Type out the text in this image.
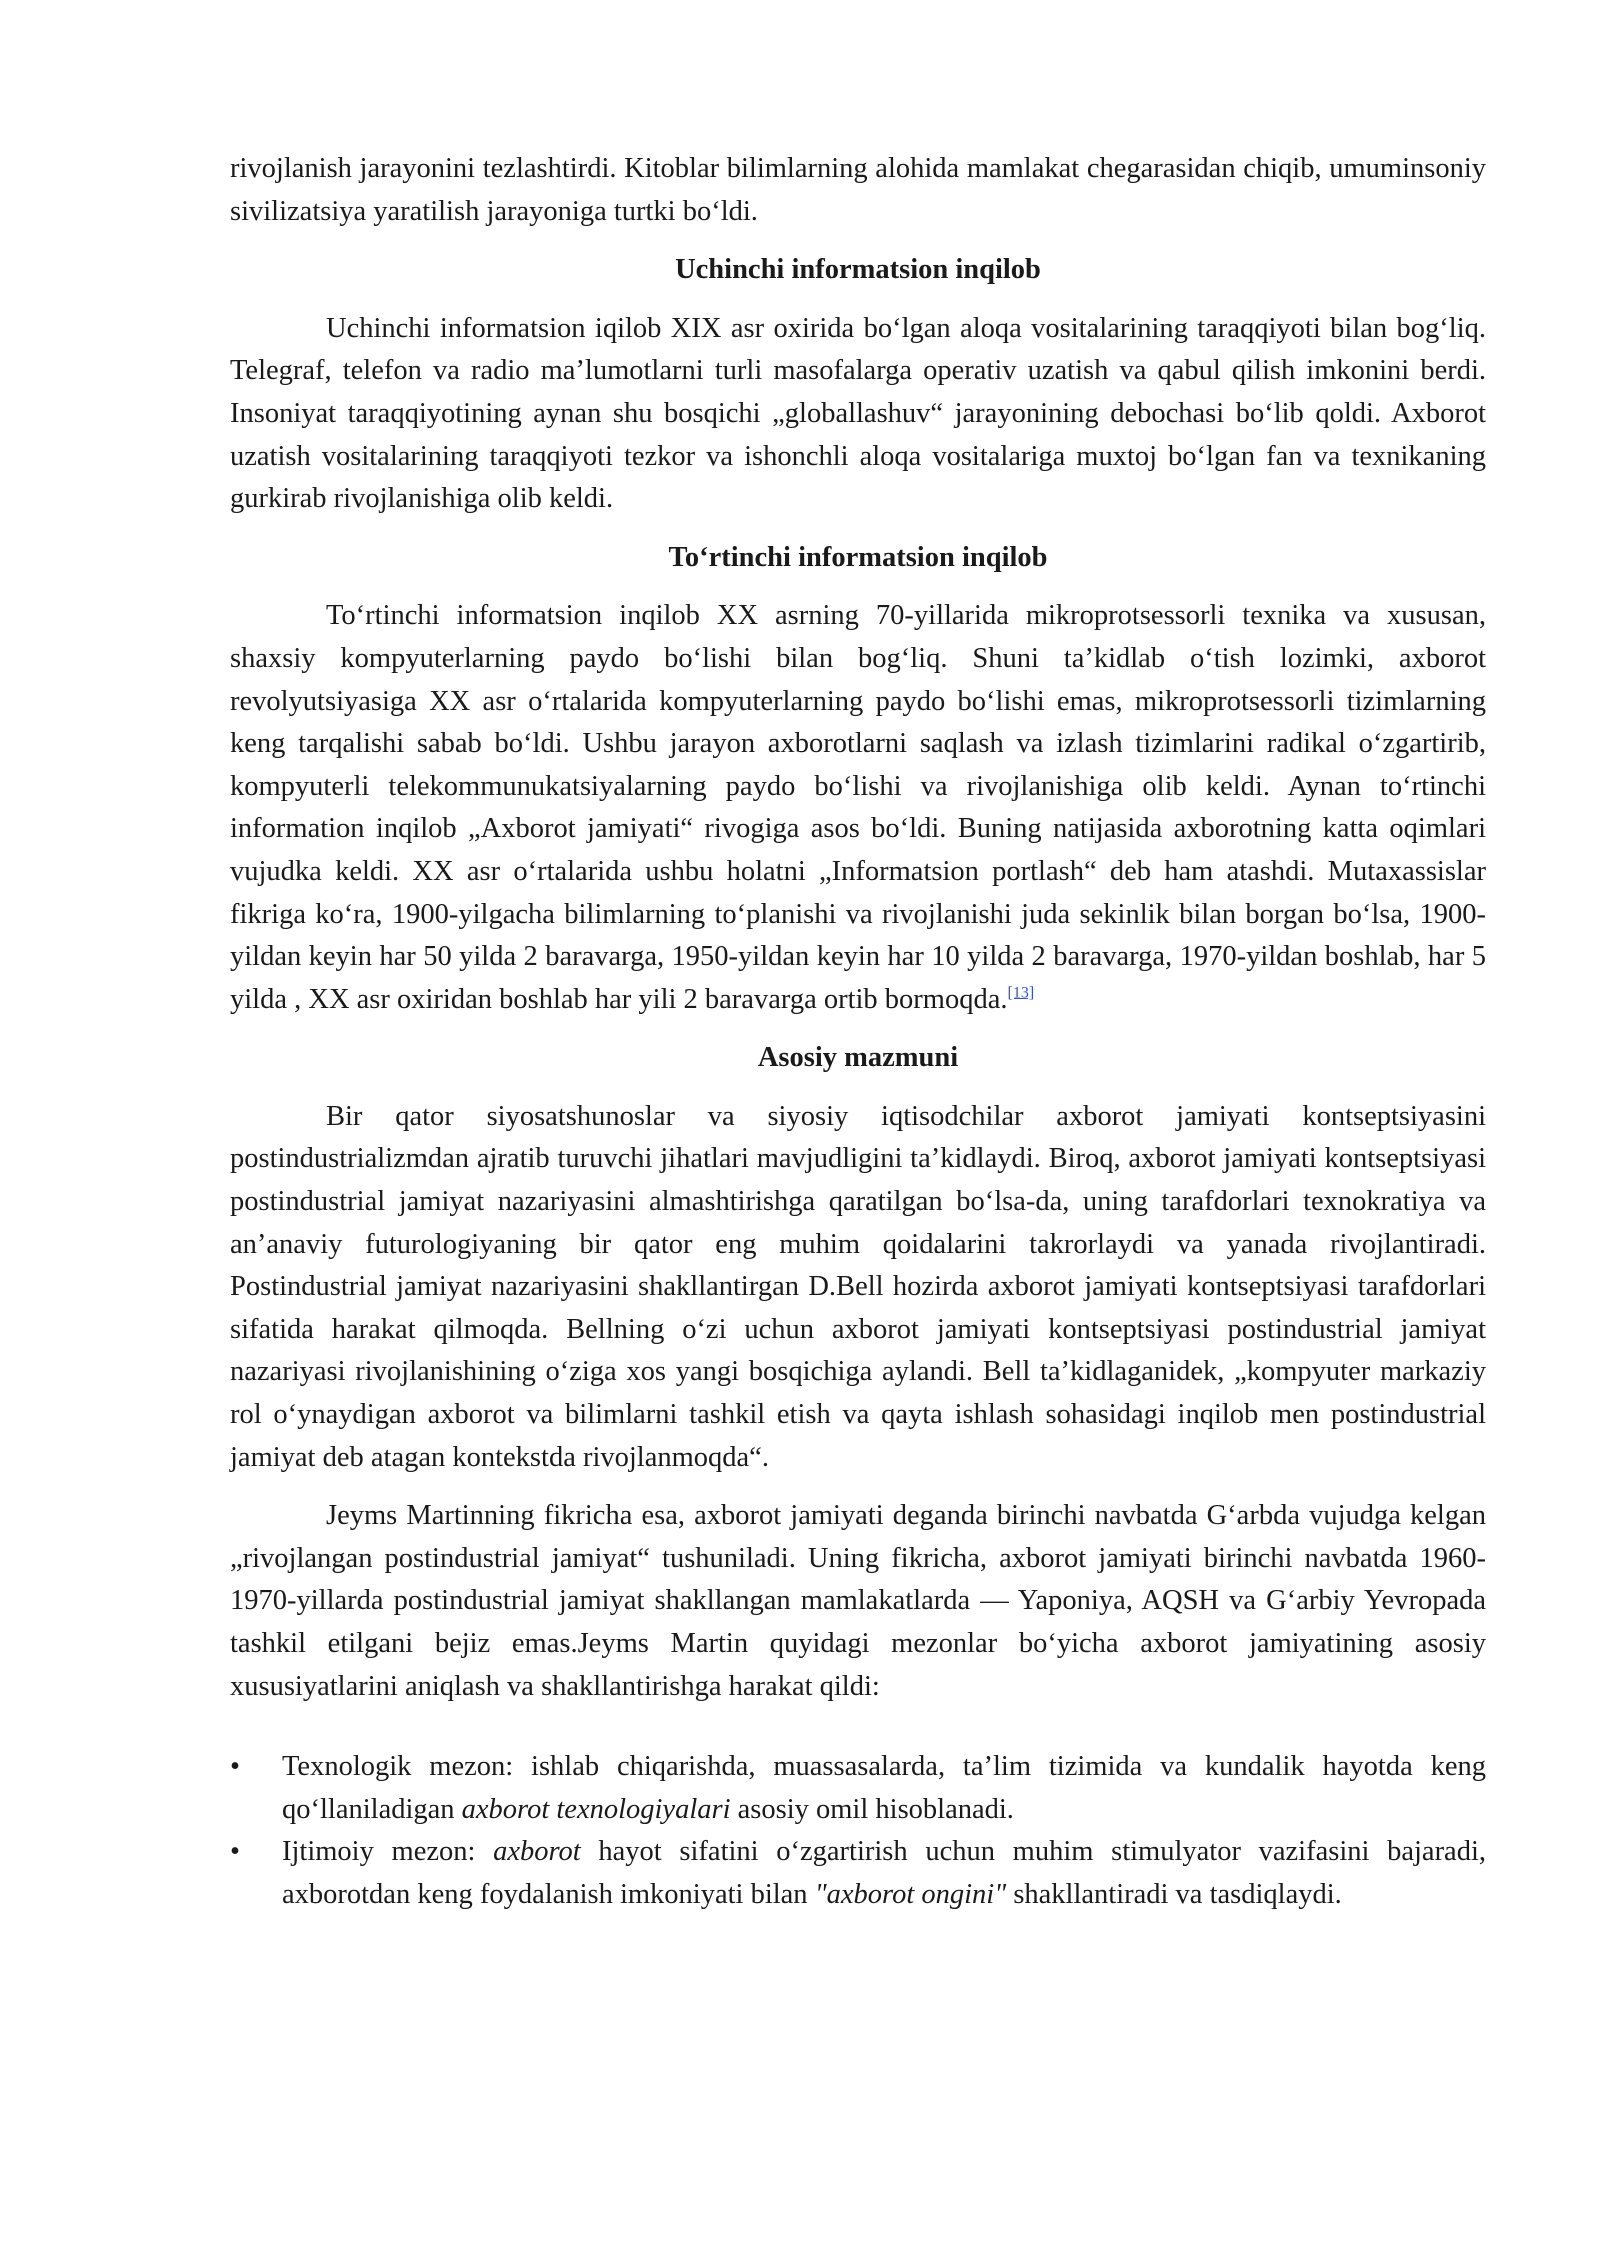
rivojlanish jarayonini tezlashtirdi. Kitoblar bilimlarning alohida mamlakat chegarasidan chiqib, umuminsoniy sivilizatsiya yaratilish jarayoniga turtki boʻldi.

Uchinchi informatsion inqilob

Uchinchi informatsion iqilob XIX asr oxirida boʻlgan aloqa vositalarining taraqqiyoti bilan bogʻliq. Telegraf, telefon va radio maʼlumotlarni turli masofalarga operativ uzatish va qabul qilish imkonini berdi. Insoniyat taraqqiyotining aynan shu bosqichi „globallashuv“ jarayonining debochasi boʻlib qoldi. Axborot uzatish vositalarining taraqqiyoti tezkor va ishonchli aloqa vositalariga muxtoj boʻlgan fan va texnikaning gurkirab rivojlanishiga olib keldi.

Toʻrtinchi informatsion inqilob

Toʻrtinchi informatsion inqilob XX asrning 70-yillarida mikroprotsessorli texnika va xususan, shaxsiy kompyuterlarning paydo boʻlishi bilan bogʻliq. Shuni taʼkidlab oʻtish lozimki, axborot revolyutsiyasiga XX asr oʻrtalarida kompyuterlarning paydo boʻlishi emas, mikroprotsessorli tizimlarning keng tarqalishi sabab boʻldi. Ushbu jarayon axborotlarni saqlash va izlash tizimlarini radikal oʻzgartirib, kompyuterli telekommunukatsiyalarning paydo boʻlishi va rivojlanishiga olib keldi. Aynan toʻrtinchi information inqilob „Axborot jamiyati“ rivogiga asos boʻldi. Buning natijasida axborotning katta oqimlari vujudka keldi. XX asr oʻrtalarida ushbu holatni „Informatsion portlash“ deb ham atashdi. Mutaxassislar fikriga koʻra, 1900-yilgacha bilimlarning toʻplanishi va rivojlanishi juda sekinlik bilan borgan boʻlsa, 1900-yildan keyin har 50 yilda 2 baravarga, 1950-yildan keyin har 10 yilda 2 baravarga, 1970-yildan boshlab, har 5 yilda , XX asr oxiridan boshlab har yili 2 baravarga ortib bormoqda.[13]

Asosiy mazmuni

Bir qator siyosatshunoslar va siyosiy iqtisodchilar axborot jamiyati kontseptsiyasini postindustrializmdan ajratib turuvchi jihatlari mavjudligini taʼkidlaydi. Biroq, axborot jamiyati kontseptsiyasi postindustrial jamiyat nazariyasini almashtirishga qaratilgan boʻlsa-da, uning tarafdorlari texnokratiya va anʼanaviy futurologiyaning bir qator eng muhim qoidalarini takrorlaydi va yanada rivojlantiradi. Postindustrial jamiyat nazariyasini shakllantirgan D.Bell hozirda axborot jamiyati kontseptsiyasi tarafdorlari sifatida harakat qilmoqda. Bellning oʻzi uchun axborot jamiyati kontseptsiyasi postindustrial jamiyat nazariyasi rivojlanishining oʻziga xos yangi bosqichiga aylandi. Bell taʼkidlaganidek, „kompyuter markaziy rol oʻynaydigan axborot va bilimlarni tashkil etish va qayta ishlash sohasidagi inqilob men postindustrial jamiyat deb atagan kontekstda rivojlanmoqda“.

Jeyms Martinning fikricha esa, axborot jamiyati deganda birinchi navbatda Gʻarbda vujudga kelgan „rivojlangan postindustrial jamiyat“ tushuniladi. Uning fikricha, axborot jamiyati birinchi navbatda 1960-1970-yillarda postindustrial jamiyat shakllangan mamlakatlarda — Yaponiya, AQSH va Gʻarbiy Yevropada tashkil etilgani bejiz emas.Jeyms Martin quyidagi mezonlar boʻyicha axborot jamiyatining asosiy xususiyatlarini aniqlash va shakllantirishga harakat qildi:

•	Texnologik mezon: ishlab chiqarishda, muassasalarda, taʼlim tizimida va kundalik hayotda keng qoʻllaniladigan axborot texnologiyalari asosiy omil hisoblanadi.
•	Ijtimoiy mezon: axborot hayot sifatini oʻzgartirish uchun muhim stimulyator vazifasini bajaradi, axborotdan keng foydalanish imkoniyati bilan "axborot ongini" shakllantiradi va tasdiqlaydi.
